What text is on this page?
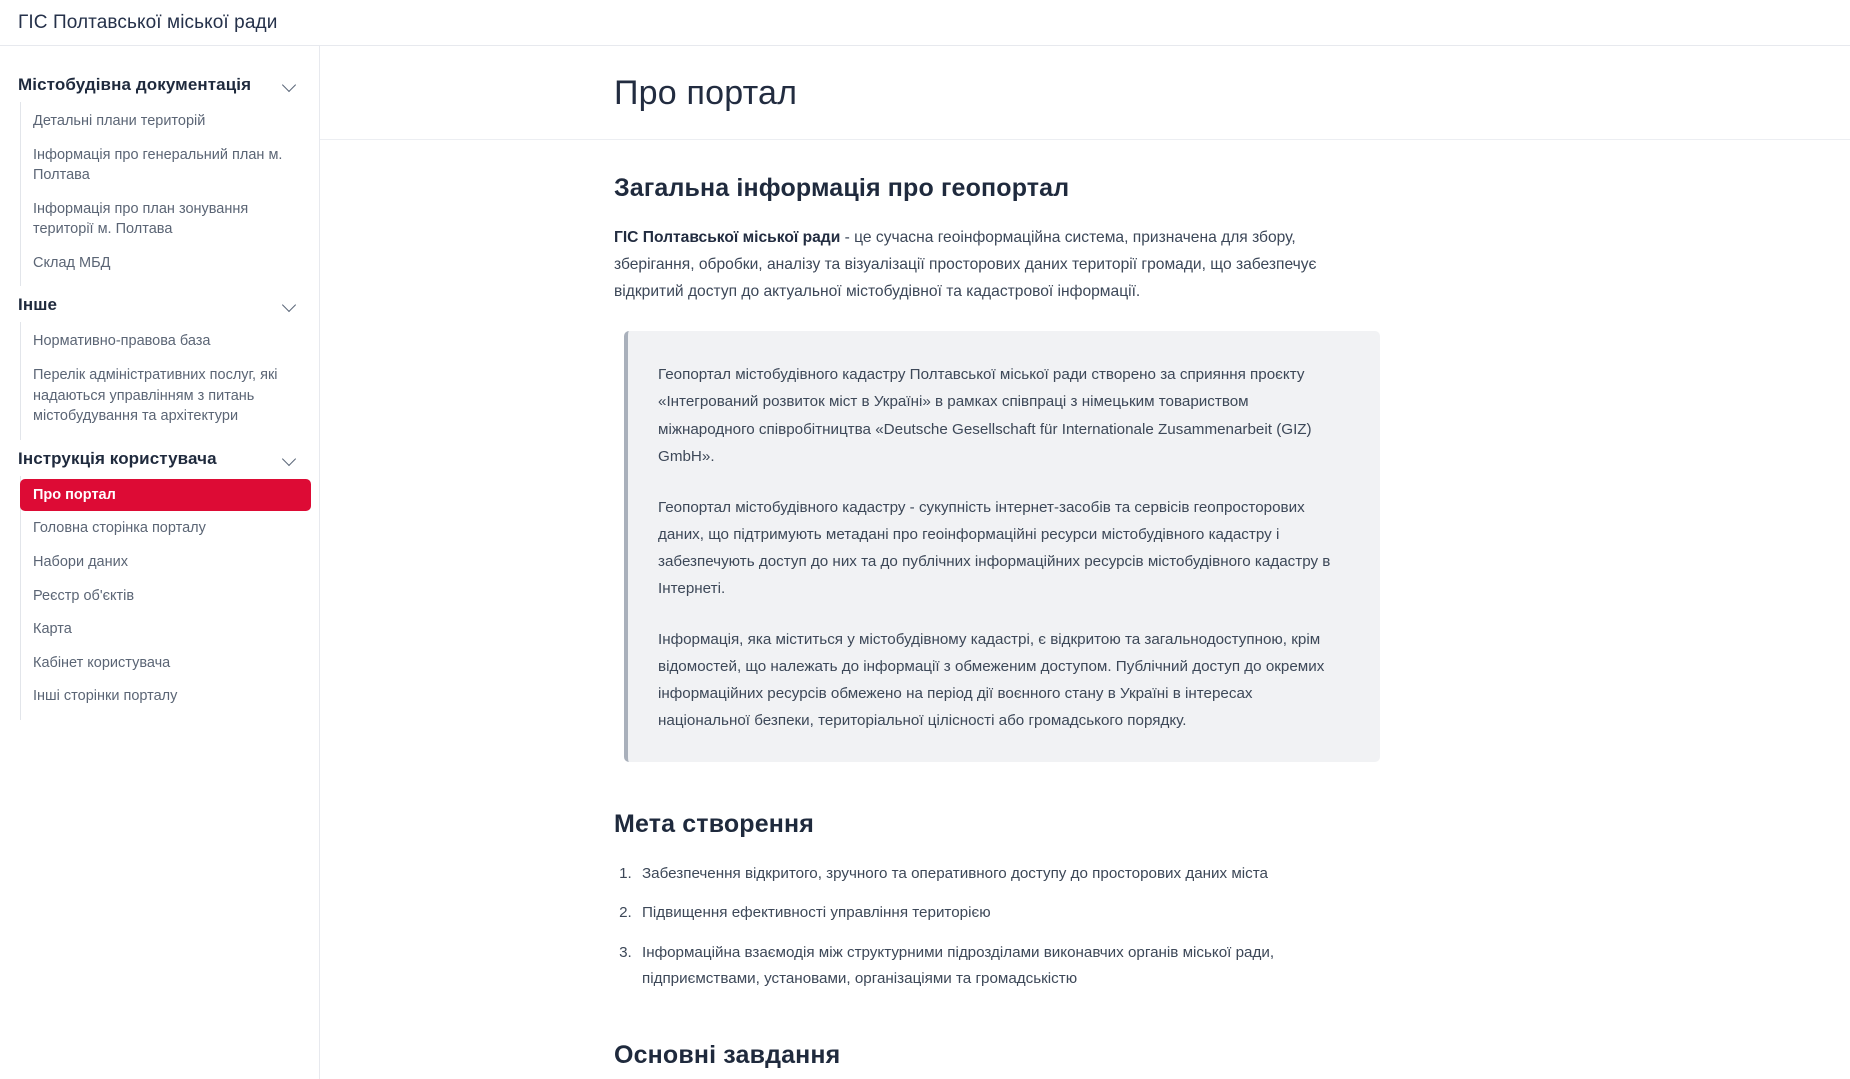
ГІС Полтавської міської ради
Містобудівна документація
Детальні плани територій
Інформація про генеральний план м. Полтава
Інформація про план зонування території м. Полтава
Склад МБД
Інше
Нормативно-правова база
Перелік адміністративних послуг, які надаються управлінням з питань містобудування та архітектури
Інструкція користувача
Про портал
Головна сторінка порталу
Набори даних
Реєстр об'єктів
Карта
Кабінет користувача
Інші сторінки порталу
Про портал
Загальна інформація про геопортал

ГІС Полтавської міської ради - це сучасна геоінформаційна система, призначена для збору, зберігання, обробки, аналізу та візуалізації просторових даних території громади, що забезпечує відкритий доступ до актуальної містобудівної та кадастрової інформації.

Геопортал містобудівного кадастру Полтавської міської ради створено за сприяння проєкту «Інтегрований розвиток міст в Україні» в рамках співпраці з німецьким товариством міжнародного співробітництва «Deutsche Gesellschaft für Internationale Zusammenarbeit (GIZ) GmbH».

Геопортал містобудівного кадастру - сукупність інтернет-засобів та сервісів геопросторових даних, що підтримують метадані про геоінформаційні ресурси містобудівного кадастру і забезпечують доступ до них та до публічних інформаційних ресурсів містобудівного кадастру в Інтернеті.

Інформація, яка міститься у містобудівному кадастрі, є відкритою та загальнодоступною, крім відомостей, що належать до інформації з обмеженим доступом. Публічний доступ до окремих інформаційних ресурсів обмежено на період дії воєнного стану в Україні в інтересах національної безпеки, територіальної цілісності або громадського порядку.

Мета створення
1. Забезпечення відкритого, зручного та оперативного доступу до просторових даних міста
2. Підвищення ефективності управління територією
3. Інформаційна взаємодія між структурними підрозділами виконавчих органів міської ради, підприємствами, установами, організаціями та громадськістю
Основні завдання
